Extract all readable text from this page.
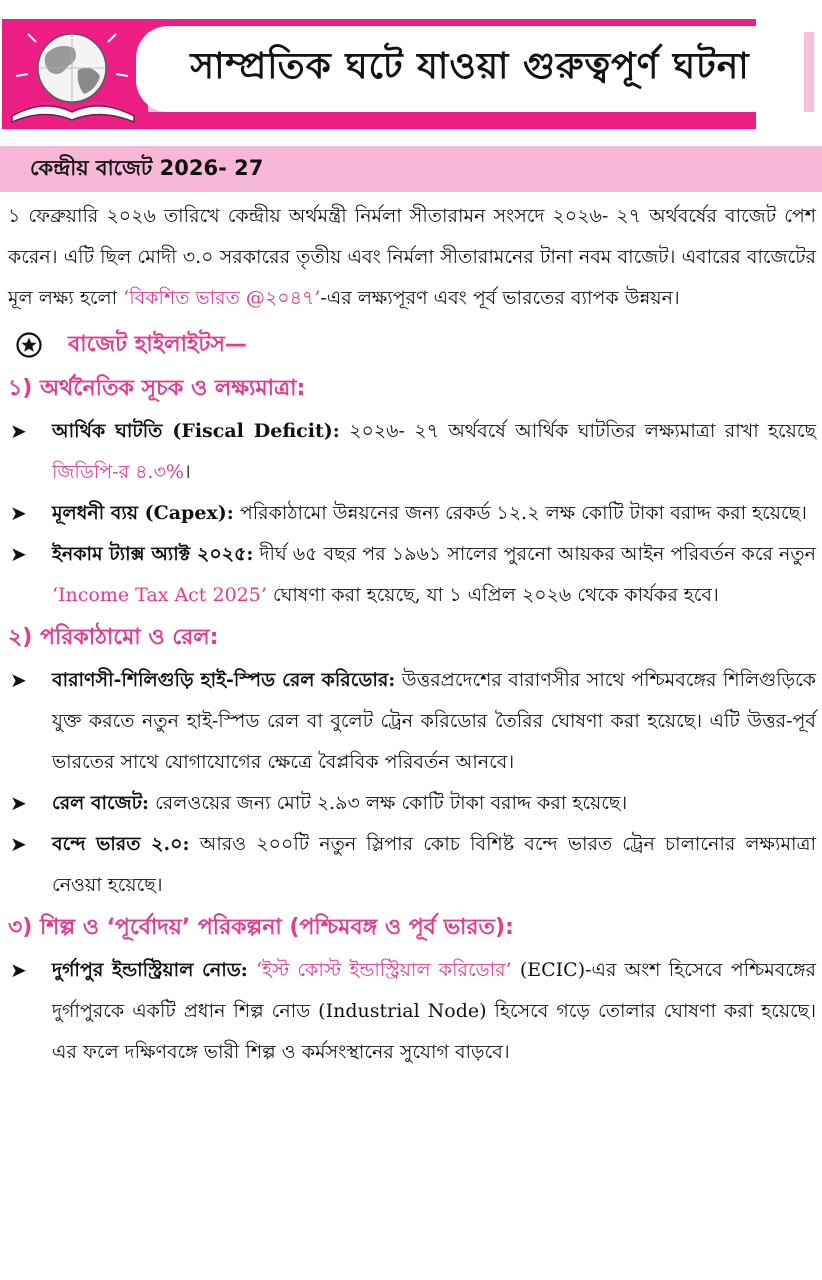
সাম্প্রতিক ঘটে যাওয়া গুরুত্বপূর্ণ ঘটনা
কেন্দ্রীয় বাজেট 2026- 27

১ ফেব্রুয়ারি ২০২৬ তারিখে কেন্দ্রীয় অর্থমন্ত্রী নির্মলা সীতারামন সংসদে ২০২৬- ২৭ অর্থবর্ষের বাজেট পেশ করেন। এটি ছিল মোদী ৩.০ সরকারের তৃতীয় এবং নির্মলা সীতারামনের টানা নবম বাজেট। এবারের বাজেটের মূল লক্ষ্য হলো ‘বিকশিত ভারত @২০৪৭’-এর লক্ষ্যপূরণ এবং পূর্ব ভারতের ব্যাপক উন্নয়ন।

বাজেট হাইলাইটস—
১) অর্থনৈতিক সূচক ও লক্ষ্যমাত্রা:
➤ আর্থিক ঘাটতি (Fiscal Deficit): ২০২৬- ২৭ অর্থবর্ষে আর্থিক ঘাটতির লক্ষ্যমাত্রা রাখা হয়েছে জিডিপি-র ৪.৩%।
➤ মূলধনী ব্যয় (Capex): পরিকাঠামো উন্নয়নের জন্য রেকর্ড ১২.২ লক্ষ কোটি টাকা বরাদ্দ করা হয়েছে।
➤ ইনকাম ট্যাক্স অ্যাক্ট ২০২৫: দীর্ঘ ৬৫ বছর পর ১৯৬১ সালের পুরনো আয়কর আইন পরিবর্তন করে নতুন ‘Income Tax Act 2025’ ঘোষণা করা হয়েছে, যা ১ এপ্রিল ২০২৬ থেকে কার্যকর হবে।
২) পরিকাঠামো ও রেল:
➤ বারাণসী-শিলিগুড়ি হাই-স্পিড রেল করিডোর: উত্তরপ্রদেশের বারাণসীর সাথে পশ্চিমবঙ্গের শিলিগুড়িকে যুক্ত করতে নতুন হাই-স্পিড রেল বা বুলেট ট্রেন করিডোর তৈরির ঘোষণা করা হয়েছে। এটি উত্তর-পূর্ব ভারতের সাথে যোগাযোগের ক্ষেত্রে বৈপ্লবিক পরিবর্তন আনবে।
➤ রেল বাজেট: রেলওয়ের জন্য মোট ২.৯৩ লক্ষ কোটি টাকা বরাদ্দ করা হয়েছে।
➤ বন্দে ভারত ২.০: আরও ২০০টি নতুন স্লিপার কোচ বিশিষ্ট বন্দে ভারত ট্রেন চালানোর লক্ষ্যমাত্রা নেওয়া হয়েছে।
৩) শিল্প ও ‘পূর্বোদয়’ পরিকল্পনা (পশ্চিমবঙ্গ ও পূর্ব ভারত):
➤ দুর্গাপুর ইন্ডাস্ট্রিয়াল নোড: ‘ইস্ট কোস্ট ইন্ডাস্ট্রিয়াল করিডোর’ (ECIC)-এর অংশ হিসেবে পশ্চিমবঙ্গের দুর্গাপুরকে একটি প্রধান শিল্প নোড (Industrial Node) হিসেবে গড়ে তোলার ঘোষণা করা হয়েছে। এর ফলে দক্ষিণবঙ্গে ভারী শিল্প ও কর্মসংস্থানের সুযোগ বাড়বে।
